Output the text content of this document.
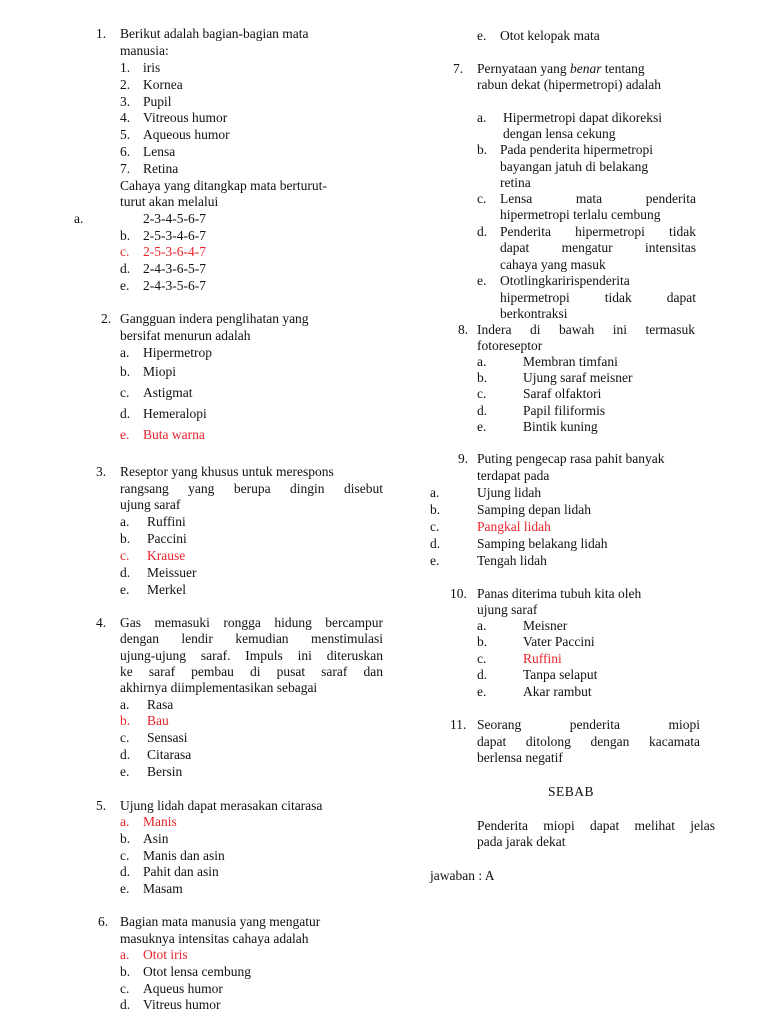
1. Berikut adalah bagian-bagian mata
manusia:
1. iris
2. Kornea
3. Pupil
4. Vitreous humor
5. Aqueous humor
6. Lensa
7. Retina
Cahaya yang ditangkap mata berturut-
turut akan melalui
a.	2-3-4-5-6-7
b. 2-5-3-4-6-7
c. 2-5-3-6-4-7
d. 2-4-3-6-5-7
e. 2-4-3-5-6-7
2. Gangguan indera penglihatan yang
bersifat menurun adalah
a. Hipermetrop
b. Miopi
c. Astigmat
d. Hemeralopi
e. Buta warna
3. Reseptor yang khusus untuk merespons
rangsang yang berupa dingin disebut
ujung saraf
a. Ruffini
b. Paccini
c. Krause
d. Meissuer
e. Merkel
4. Gas memasuki rongga hidung bercampur
dengan lendir kemudian menstimulasi
ujung-ujung saraf. Impuls ini diteruskan
ke saraf pembau di pusat saraf dan
akhirnya diimplementasikan sebagai
a. Rasa
b. Bau
c. Sensasi
d. Citarasa
e. Bersin
5. Ujung lidah dapat merasakan citarasa
a. Manis
b. Asin
c. Manis dan asin
d. Pahit dan asin
e. Masam
6. Bagian mata manusia yang mengatur
masuknya intensitas cahaya adalah
a. Otot iris
b. Otot lensa cembung
c. Aqueus humor
d. Vitreus humor
e. Otot kelopak mata
7. Pernyataan yang benar tentang
rabun dekat (hipermetropi) adalah
a. Hipermetropi dapat dikoreksi
dengan lensa cekung
b. Pada penderita hipermetropi
bayangan jatuh di belakang
retina
c. Lensa mata penderita
hipermetropi terlalu cembung
d. Penderita hipermetropi tidak
dapat mengatur intensitas
cahaya yang masuk
e. Ototlingkaririspenderita
hipermetropi tidak dapat
berkontraksi
8. Indera di bawah ini termasuk
fotoreseptor
a.	Membran timfani
b.	Ujung saraf meisner
c.	Saraf olfaktori
d.	Papil filiformis
e.	Bintik kuning
9. Puting pengecap rasa pahit banyak
terdapat pada
a.	Ujung lidah
b.	Samping depan lidah
c.	Pangkal lidah
d.	Samping belakang lidah
e.	Tengah lidah
10. Panas diterima tubuh kita oleh
ujung saraf
a.	Meisner
b.	Vater Paccini
c.	Ruffini
d.	Tanpa selaput
e.	Akar rambut
11. Seorang penderita miopi
dapat ditolong dengan kacamata
berlensa negatif
SEBAB
Penderita miopi dapat melihat jelas
pada jarak dekat
jawaban : A
